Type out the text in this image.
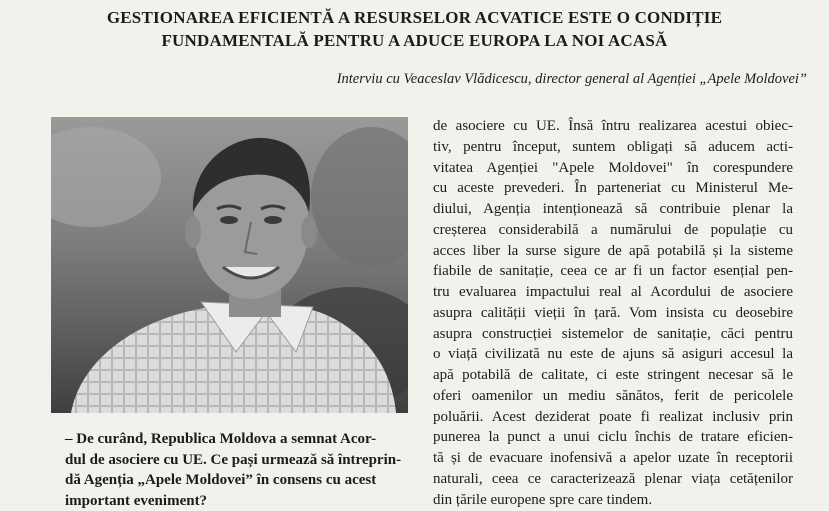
GESTIONAREA EFICIENTĂ A RESURSELOR ACVATICE ESTE O CONDIȚIE
FUNDAMENTALĂ PENTRU A ADUCE EUROPA LA NOI ACASĂ
Interviu cu Veaceslav Vlădicescu, director general al Agenției „Apele Moldovei”
– De curând, Republica Moldova a semnat Acor-
dul de asociere cu UE. Ce pași urmează să întreprin-
dă Agenția „Apele Moldovei” în consens cu acest
important eveniment?
de asociere cu UE. Însă întru realizarea acestui obiec-
tiv, pentru început, suntem obligați să aducem acti-
vitatea Agenției "Apele Moldovei" în corespundere
cu aceste prevederi. În parteneriat cu Ministerul Me-
diului, Agenția intenționează să contribuie plenar la
creșterea considerabilă a numărului de populație cu
acces liber la surse sigure de apă potabilă și la sisteme
fiabile de sanitație, ceea ce ar fi un factor esențial pen-
tru evaluarea impactului real al Acordului de asociere
asupra calității vieții în țară. Vom insista cu deosebire
asupra construcției sistemelor de sanitație, căci pentru
o viață civilizată nu este de ajuns să asiguri accesul la
apă potabilă de calitate, ci este stringent necesar să le
oferi oamenilor un mediu sănătos, ferit de pericolele
poluării. Acest deziderat poate fi realizat inclusiv prin
punerea la punct a unui ciclu închis de tratare eficien-
tă și de evacuare inofensivă a apelor uzate în receptorii
naturali, ceea ce caracterizează plenar viața cetățenilor
din țările europene spre care tindem.
